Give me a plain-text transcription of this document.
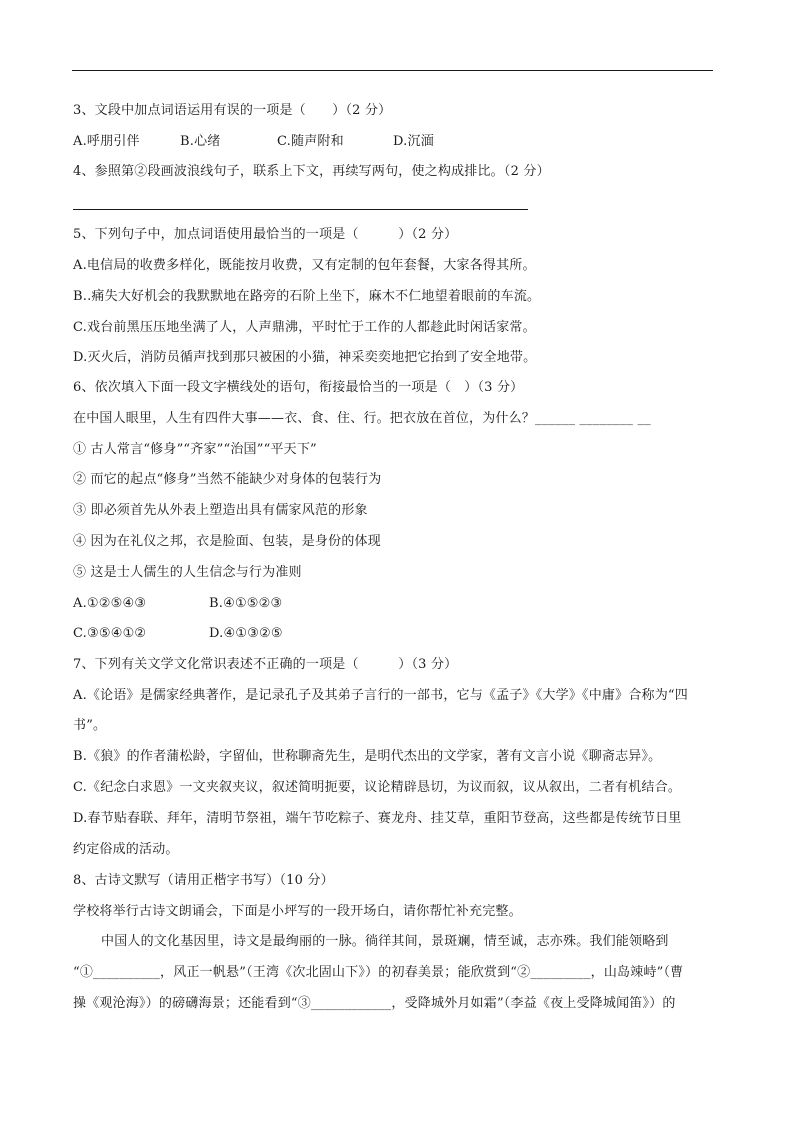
3、文段中加点词语运用有误的一项是（　　）（2 分）
A.呼朋引伴	B.心绪	C.随声附和	D.沉湎
4、参照第②段画波浪线句子，联系上下文，再续写两句，使之构成排比。（2 分）
5、下列句子中，加点词语使用最恰当的一项是（　　　）（2 分）
A.电信局的收费多样化，既能按月收费，又有定制的包年套餐，大家各得其所。
B..痛失大好机会的我默默地在路旁的石阶上坐下，麻木不仁地望着眼前的车流。
C.戏台前黑压压地坐满了人，人声鼎沸，平时忙于工作的人都趁此时闲话家常。
D.灭火后，消防员循声找到那只被困的小猫，神采奕奕地把它抬到了安全地带。
6、依次填入下面一段文字横线处的语句，衔接最恰当的一项是（　）（3 分）
在中国人眼里，人生有四件大事——衣、食、住、行。把衣放在首位，为什么？______ ________ __
① 古人常言“修身”“齐家”“治国”“平天下”
② 而它的起点“修身”当然不能缺少对身体的包装行为
③ 即必须首先从外表上塑造出具有儒家风范的形象
④ 因为在礼仪之邦，衣是脸面、包装，是身份的体现
⑤ 这是士人儒生的人生信念与行为准则
A.①②⑤④③	B.④①⑤②③
C.③⑤④①②	D.④①③②⑤
7、下列有关文学文化常识表述不正确的一项是（　　　）（3 分）
A.《论语》是儒家经典著作，是记录孔子及其弟子言行的一部书，它与《孟子》《大学》《中庸》合称为“四
书”。
B.《狼》的作者蒲松龄，字留仙，世称聊斋先生，是明代杰出的文学家，著有文言小说《聊斋志异》。
C.《纪念白求恩》一文夹叙夹议，叙述简明扼要，议论精辟恳切，为议而叙，议从叙出，二者有机结合。
D.春节贴春联、拜年，清明节祭祖，端午节吃粽子、赛龙舟、挂艾草，重阳节登高，这些都是传统节日里
约定俗成的活动。
8、古诗文默写（请用正楷字书写）（10 分）
学校将举行古诗文朗诵会，下面是小坪写的一段开场白，请你帮忙补充完整。
中国人的文化基因里，诗文是最绚丽的一脉。徜徉其间，景斑斓，情至诚，志亦殊。我们能领略到
“①__________，风正一帆悬”（王湾《次北固山下》）的初春美景；能欣赏到“②_________，山岛竦峙”（曹
操《观沧海》）的磅礴海景；还能看到“③____________，受降城外月如霜”（李益《夜上受降城闻笛》）的
